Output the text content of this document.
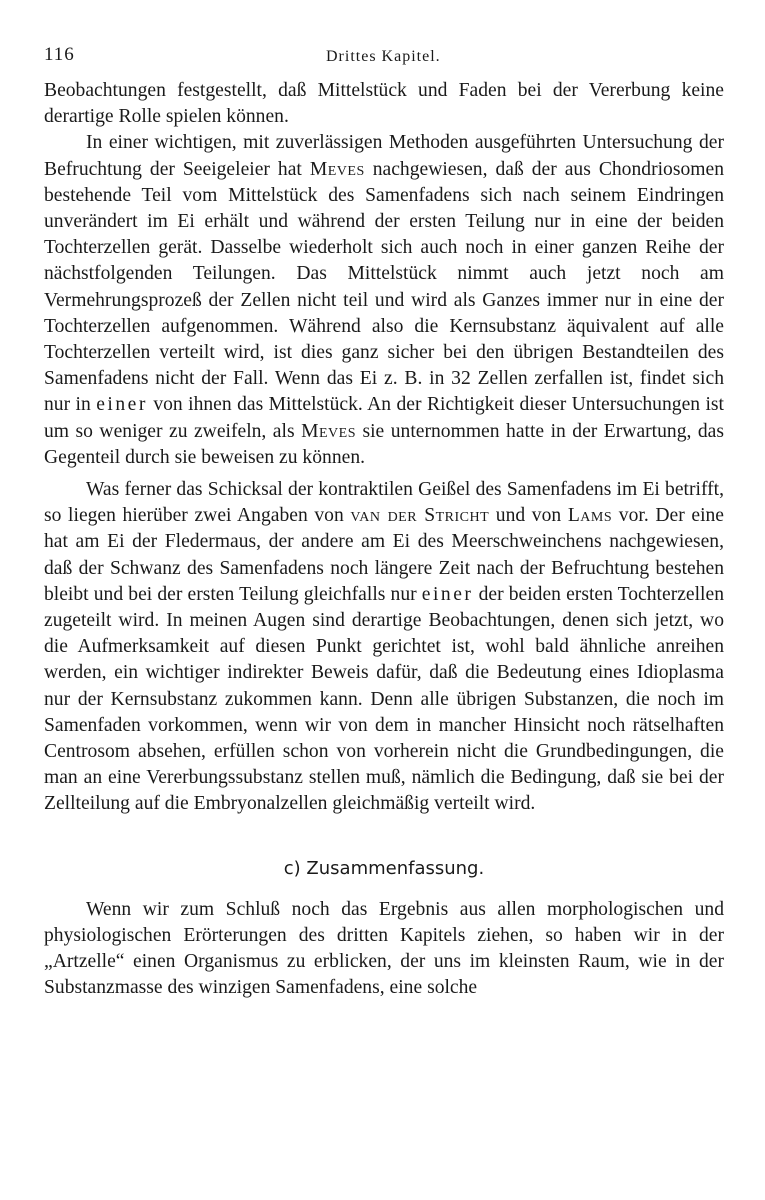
116	Drittes Kapitel.

Beobachtungen festgestellt, daß Mittelstück und Faden bei der Vererbung keine derartige Rolle spielen können.

In einer wichtigen, mit zuverlässigen Methoden ausgeführten Untersuchung der Befruchtung der Seeigeleier hat Meves nachgewiesen, daß der aus Chondriosomen bestehende Teil vom Mittelstück des Samenfadens sich nach seinem Eindringen unverändert im Ei erhält und während der ersten Teilung nur in eine der beiden Tochterzellen gerät. Dasselbe wiederholt sich auch noch in einer ganzen Reihe der nächstfolgenden Teilungen. Das Mittelstück nimmt auch jetzt noch am Vermehrungsprozeß der Zellen nicht teil und wird als Ganzes immer nur in eine der Tochterzellen aufgenommen. Während also die Kernsubstanz äquivalent auf alle Tochterzellen verteilt wird, ist dies ganz sicher bei den übrigen Bestandteilen des Samenfadens nicht der Fall. Wenn das Ei z. B. in 32 Zellen zerfallen ist, findet sich nur in einer von ihnen das Mittelstück. An der Richtigkeit dieser Untersuchungen ist um so weniger zu zweifeln, als Meves sie unternommen hatte in der Erwartung, das Gegenteil durch sie beweisen zu können.

Was ferner das Schicksal der kontraktilen Geißel des Samenfadens im Ei betrifft, so liegen hierüber zwei Angaben von van der Stricht und von Lams vor. Der eine hat am Ei der Fledermaus, der andere am Ei des Meerschweinchens nachgewiesen, daß der Schwanz des Samenfadens noch längere Zeit nach der Befruchtung bestehen bleibt und bei der ersten Teilung gleichfalls nur einer der beiden ersten Tochterzellen zugeteilt wird. In meinen Augen sind derartige Beobachtungen, denen sich jetzt, wo die Aufmerksamkeit auf diesen Punkt gerichtet ist, wohl bald ähnliche anreihen werden, ein wichtiger indirekter Beweis dafür, daß die Bedeutung eines Idioplasma nur der Kernsubstanz zukommen kann. Denn alle übrigen Substanzen, die noch im Samenfaden vorkommen, wenn wir von dem in mancher Hinsicht noch rätselhaften Centrosom absehen, erfüllen schon von vorherein nicht die Grundbedingungen, die man an eine Vererbungssubstanz stellen muß, nämlich die Bedingung, daß sie bei der Zellteilung auf die Embryonalzellen gleichmäßig verteilt wird.

c) Zusammenfassung.

Wenn wir zum Schluß noch das Ergebnis aus allen morphologischen und physiologischen Erörterungen des dritten Kapitels ziehen, so haben wir in der „Artzelle“ einen Organismus zu erblicken, der uns im kleinsten Raum, wie in der Substanzmasse des winzigen Samenfadens, eine solche
